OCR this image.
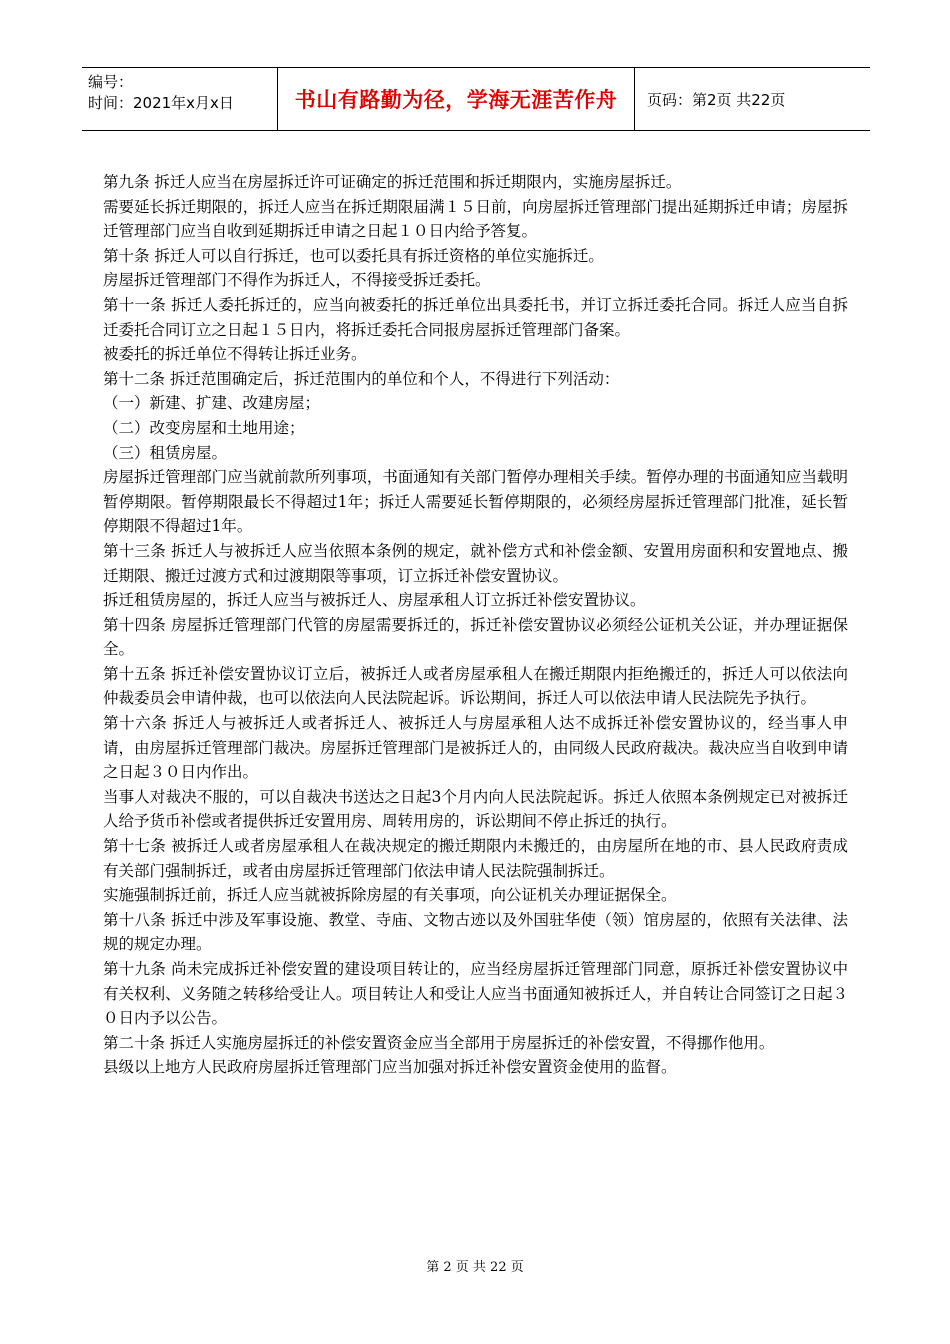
编号：
时间：2021年x月x日	书山有路勤为径，学海无涯苦作舟	页码：第2页 共22页

第九条 拆迁人应当在房屋拆迁许可证确定的拆迁范围和拆迁期限内，实施房屋拆迁。

需要延长拆迁期限的，拆迁人应当在拆迁期限届满１５日前，向房屋拆迁管理部门提出延期拆迁申请；房屋拆迁管理部门应当自收到延期拆迁申请之日起１０日内给予答复。

第十条 拆迁人可以自行拆迁，也可以委托具有拆迁资格的单位实施拆迁。

房屋拆迁管理部门不得作为拆迁人，不得接受拆迁委托。

第十一条 拆迁人委托拆迁的，应当向被委托的拆迁单位出具委托书，并订立拆迁委托合同。拆迁人应当自拆迁委托合同订立之日起１５日内，将拆迁委托合同报房屋拆迁管理部门备案。

被委托的拆迁单位不得转让拆迁业务。

第十二条 拆迁范围确定后，拆迁范围内的单位和个人，不得进行下列活动：

（一）新建、扩建、改建房屋；

（二）改变房屋和土地用途；

（三）租赁房屋。

房屋拆迁管理部门应当就前款所列事项，书面通知有关部门暂停办理相关手续。暂停办理的书面通知应当载明暂停期限。暂停期限最长不得超过1年；拆迁人需要延长暂停期限的，必须经房屋拆迁管理部门批准，延长暂停期限不得超过1年。

第十三条 拆迁人与被拆迁人应当依照本条例的规定，就补偿方式和补偿金额、安置用房面积和安置地点、搬迁期限、搬迁过渡方式和过渡期限等事项，订立拆迁补偿安置协议。

拆迁租赁房屋的，拆迁人应当与被拆迁人、房屋承租人订立拆迁补偿安置协议。

第十四条 房屋拆迁管理部门代管的房屋需要拆迁的，拆迁补偿安置协议必须经公证机关公证，并办理证据保全。

第十五条 拆迁补偿安置协议订立后，被拆迁人或者房屋承租人在搬迁期限内拒绝搬迁的，拆迁人可以依法向仲裁委员会申请仲裁，也可以依法向人民法院起诉。诉讼期间，拆迁人可以依法申请人民法院先予执行。

第十六条 拆迁人与被拆迁人或者拆迁人、被拆迁人与房屋承租人达不成拆迁补偿安置协议的，经当事人申请，由房屋拆迁管理部门裁决。房屋拆迁管理部门是被拆迁人的，由同级人民政府裁决。裁决应当自收到申请之日起３０日内作出。

当事人对裁决不服的，可以自裁决书送达之日起3个月内向人民法院起诉。拆迁人依照本条例规定已对被拆迁人给予货币补偿或者提供拆迁安置用房、周转用房的，诉讼期间不停止拆迁的执行。

第十七条 被拆迁人或者房屋承租人在裁决规定的搬迁期限内未搬迁的，由房屋所在地的市、县人民政府责成有关部门强制拆迁，或者由房屋拆迁管理部门依法申请人民法院强制拆迁。

实施强制拆迁前，拆迁人应当就被拆除房屋的有关事项，向公证机关办理证据保全。

第十八条 拆迁中涉及军事设施、教堂、寺庙、文物古迹以及外国驻华使（领）馆房屋的，依照有关法律、法规的规定办理。

第十九条 尚未完成拆迁补偿安置的建设项目转让的，应当经房屋拆迁管理部门同意，原拆迁补偿安置协议中有关权利、义务随之转移给受让人。项目转让人和受让人应当书面通知被拆迁人，并自转让合同签订之日起３０日内予以公告。

第二十条 拆迁人实施房屋拆迁的补偿安置资金应当全部用于房屋拆迁的补偿安置，不得挪作他用。

县级以上地方人民政府房屋拆迁管理部门应当加强对拆迁补偿安置资金使用的监督。

第 2 页 共 22 页
